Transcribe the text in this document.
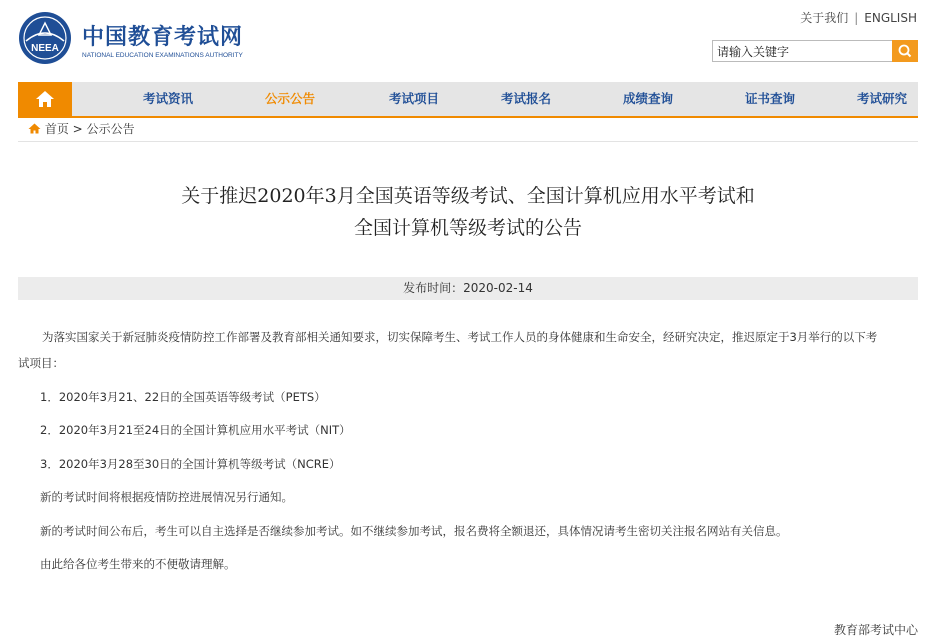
NEEA 中国教育考试网
NATIONAL EDUCATION EXAMINATIONS AUTHORITY
关于我们 | ENGLISH
请输入关键字
考试资讯	公示公告	考试项目	考试报名	成绩查询	证书查询	考试研究
首页 > 公示公告
关于推迟2020年3月全国英语等级考试、全国计算机应用水平考试和
全国计算机等级考试的公告
发布时间：2020-02-14

为落实国家关于新冠肺炎疫情防控工作部署及教育部相关通知要求，切实保障考生、考试工作人员的身体健康和生命安全，经研究决定，推迟原定于3月举行的以下考

试项目：

1．2020年3月21、22日的全国英语等级考试（PETS）

2．2020年3月21至24日的全国计算机应用水平考试（NIT）

3．2020年3月28至30日的全国计算机等级考试（NCRE）

新的考试时间将根据疫情防控进展情况另行通知。

新的考试时间公布后，考生可以自主选择是否继续参加考试。如不继续参加考试，报名费将全额退还，具体情况请考生密切关注报名网站有关信息。

由此给各位考生带来的不便敬请理解。

教育部考试中心
